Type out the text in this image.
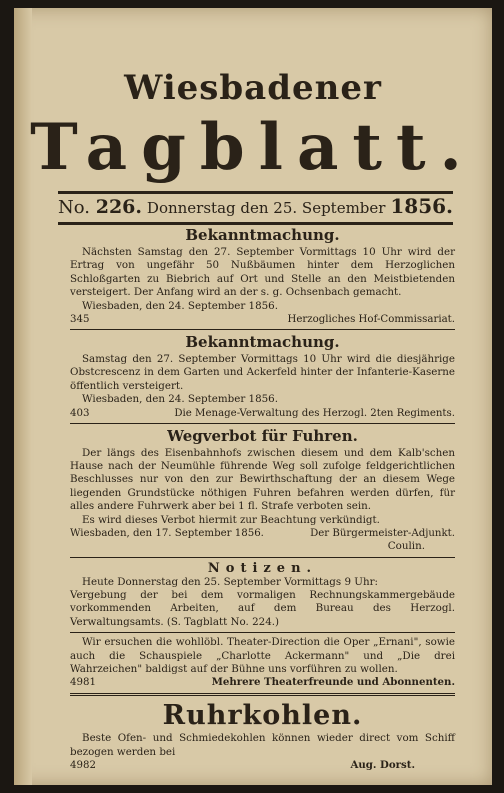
Wiesbadener
Tagblatt.
No. 226. Donnerstag den 25. September 1856.
Bekanntmachung.
Nächsten Samstag den 27. September Vormittags 10 Uhr wird der Ertrag von ungefähr 50 Nußbäumen hinter dem Herzoglichen Schloßgarten zu Biebrich auf Ort und Stelle an den Meistbietenden versteigert. Der Anfang wird an der s. g. Ochsenbach gemacht.
Wiesbaden, den 24. September 1856.
345	Herzogliches Hof-Commissariat.
Bekanntmachung.
Samstag den 27. September Vormittags 10 Uhr wird die diesjährige Obstcrescenz in dem Garten und Ackerfeld hinter der Infanterie-Kaserne öffentlich versteigert.
Wiesbaden, den 24. September 1856.
403	Die Menage-Verwaltung des Herzogl. 2ten Regiments.
Wegverbot für Fuhren.
Der längs des Eisenbahnhofs zwischen diesem und dem Kalb'schen Hause nach der Neumühle führende Weg soll zufolge feldgerichtlichen Beschlusses nur von den zur Bewirthschaftung der an diesem Wege liegenden Grundstücke nöthigen Fuhren befahren werden dürfen, für alles andere Fuhrwerk aber bei 1 fl. Strafe verboten sein.
Es wird dieses Verbot hiermit zur Beachtung verkündigt.
Wiesbaden, den 17. September 1856.	Der Bürgermeister-Adjunkt.
Coulin.
Notizen.
Heute Donnerstag den 25. September Vormittags 9 Uhr:
Vergebung der bei dem vormaligen Rechnungskammergebäude vorkommenden Arbeiten, auf dem Bureau des Herzogl. Verwaltungsamts. (S. Tagblatt No. 224.)
Wir ersuchen die wohllöbl. Theater-Direction die Oper „Ernani", sowie auch die Schauspiele „Charlotte Ackermann" und „Die drei Wahrzeichen" baldigst auf der Bühne uns vorführen zu wollen.
4981	Mehrere Theaterfreunde und Abonnenten.
Ruhrkohlen.
Beste Ofen- und Schmiedekohlen können wieder direct vom Schiff bezogen werden bei
4982	Aug. Dorst.
